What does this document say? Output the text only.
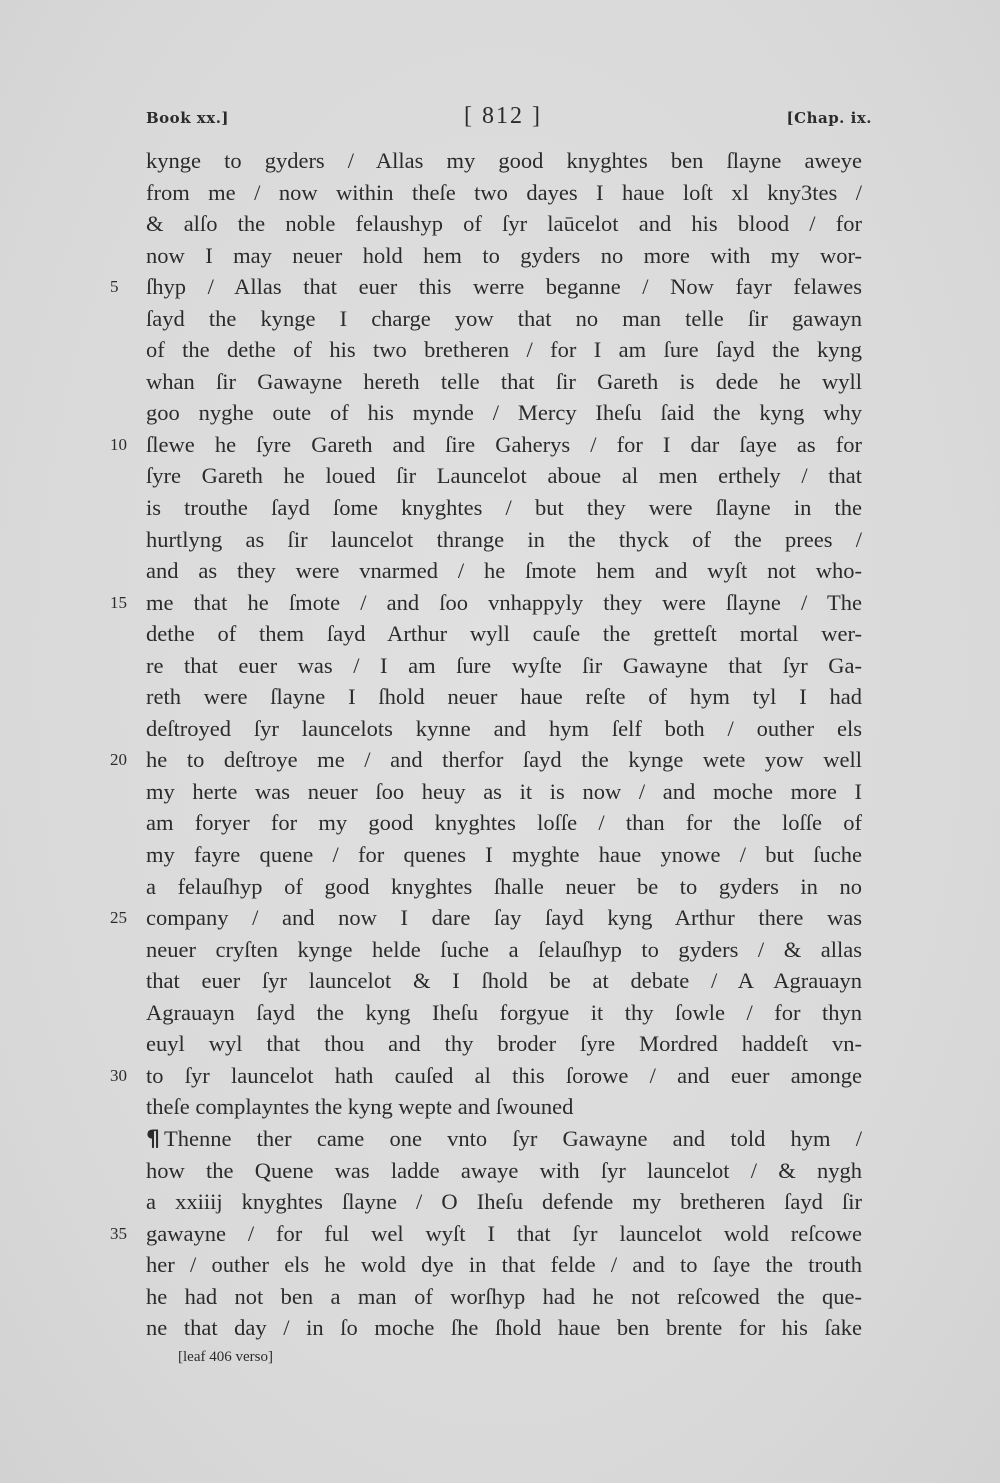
Book xx.]	[ 812 ]	[Chap. ix.
kynge to gyders / Allas my good knyghtes ben ſlayne aweye
from me / now within theſe two dayes I haue loſt xl kny3tes /
& alſo the noble felaushyp of ſyr laūcelot and his blood / for
now I may neuer hold hem to gyders no more with my wor-
5	ſhyp / Allas that euer this werre beganne / Now fayr felawes
ſayd the kynge I charge yow that no man telle ſir gawayn
of the dethe of his two bretheren / for I am ſure ſayd the kyng
whan ſir Gawayne hereth telle that ſir Gareth is dede he wyll
goo nyghe oute of his mynde / Mercy Iheſu ſaid the kyng why
10 ſlewe he ſyre Gareth and ſire Gaherys / for I dar ſaye as for
ſyre Gareth he loued ſir Launcelot aboue al men erthely / that
is trouthe ſayd ſome knyghtes / but they were ſlayne in the
hurtlyng as ſir launcelot thrange in the thyck of the prees /
and as they were vnarmed / he ſmote hem and wyſt not who-
15 me that he ſmote / and ſoo vnhappyly they were ſlayne / The
dethe of them ſayd Arthur wyll cauſe the gretteſt mortal wer-
re that euer was / I am ſure wyſte ſir Gawayne that ſyr Ga-
reth were ſlayne I ſhold neuer haue reſte of hym tyl I had
deſtroyed ſyr launcelots kynne and hym ſelf both / outher els
20 he to deſtroye me / and therfor ſayd the kynge wete yow well
my herte was neuer ſoo heuy as it is now / and moche more I
am foryer for my good knyghtes loſſe / than for the loſſe of
my fayre quene / for quenes I myghte haue ynowe / but ſuche
a felauſhyp of good knyghtes ſhalle neuer be to gyders in no
25 company / and now I dare ſay ſayd kyng Arthur there was
neuer cryſten kynge helde ſuche a ſelauſhyp to gyders / & allas
that euer ſyr launcelot & I ſhold be at debate / A Agrauayn
Agrauayn ſayd the kyng Iheſu forgyue it thy ſowle / for thyn
euyl wyl that thou and thy broder ſyre Mordred haddeſt vn-
30 to ſyr launcelot hath cauſed al this ſorowe / and euer amonge
theſe complayntes the kyng wepte and ſwouned
¶ Thenne ther came one vnto ſyr Gawayne and told hym /
how the Quene was ladde awaye with ſyr launcelot / & nygh
a xxiiij knyghtes ſlayne / O Iheſu defende my bretheren ſayd ſir
35 gawayne / for ful wel wyſt I that ſyr launcelot wold reſcowe
her / outher els he wold dye in that felde / and to ſaye the trouth
he had not ben a man of worſhyp had he not reſcowed the que-
ne that day / in ſo moche ſhe ſhold haue ben brente for his ſake
[leaf 406 verso]
